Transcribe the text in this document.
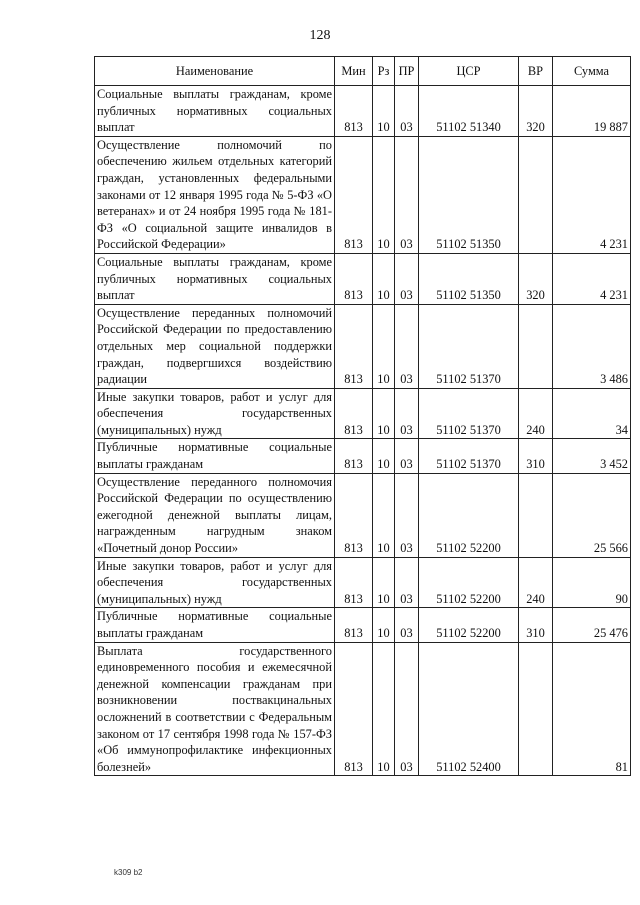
128
Наименование	Мин	Рз	ПР	ЦСР	ВР	Сумма
Социальные выплаты гражданам, кроме публичных нормативных социальных выплат	813	10	03	51102 51340	320	19 887
Осуществление полномочий по обеспечению жильем отдельных категорий граждан, установленных федеральными законами от 12 января 1995 года № 5-ФЗ «О ветеранах» и от 24 ноября 1995 года № 181-ФЗ «О социальной защите инвалидов в Российской Федерации»	813	10	03	51102 51350		4 231
Социальные выплаты гражданам, кроме публичных нормативных социальных выплат	813	10	03	51102 51350	320	4 231
Осуществление переданных полномочий Российской Федерации по предоставлению отдельных мер социальной поддержки граждан, подвергшихся воздействию радиации	813	10	03	51102 51370		3 486
Иные закупки товаров, работ и услуг для обеспечения государственных (муниципальных) нужд	813	10	03	51102 51370	240	34
Публичные нормативные социальные выплаты гражданам	813	10	03	51102 51370	310	3 452
Осуществление переданного полномочия Российской Федерации по осуществлению ежегодной денежной выплаты лицам, награжденным нагрудным знаком «Почетный донор России»	813	10	03	51102 52200		25 566
Иные закупки товаров, работ и услуг для обеспечения государственных (муниципальных) нужд	813	10	03	51102 52200	240	90
Публичные нормативные социальные выплаты гражданам	813	10	03	51102 52200	310	25 476
Выплата государственного единовременного пособия и ежемесячной денежной компенсации гражданам при возникновении поствакцинальных осложнений в соответствии с Федеральным законом от 17 сентября 1998 года № 157-ФЗ «Об иммунопрофилактике инфекционных болезней»	813	10	03	51102 52400		81
k309 b2
